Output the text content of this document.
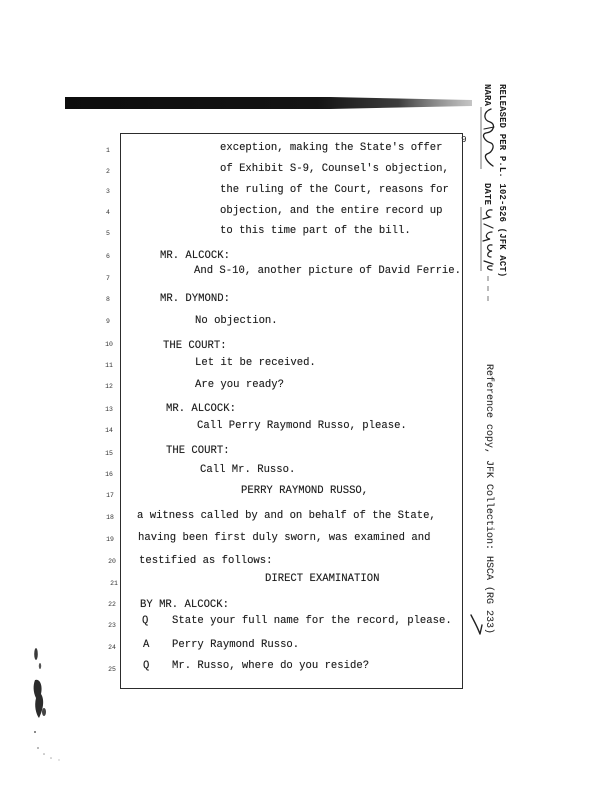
RELEASED PER P.L. 102-526 (JFK ACT)
NARA
DATE
Reference copy, JFK Collection: HSCA (RG 233)
9
1
2
3
4
5
6
7
8
9
10
11
12
13
14
15
16
17
18
19
20
21
22
23
24
25
exception, making the State's offer
of Exhibit S-9, Counsel's objection,
the ruling of the Court, reasons for
objection, and the entire record up
to this time part of the bill.
MR. ALCOCK:
And S-10, another picture of David Ferrie.
MR. DYMOND:
No objection.
THE COURT:
Let it be received.
Are you ready?
MR. ALCOCK:
Call Perry Raymond Russo, please.
THE COURT:
Call Mr. Russo.
PERRY RAYMOND RUSSO,
a witness called by and on behalf of the State,
having been first duly sworn, was examined and
testified as follows:
DIRECT EXAMINATION
BY MR. ALCOCK:
Q State your full name for the record, please.
A Perry Raymond Russo.
Q Mr. Russo, where do you reside?
